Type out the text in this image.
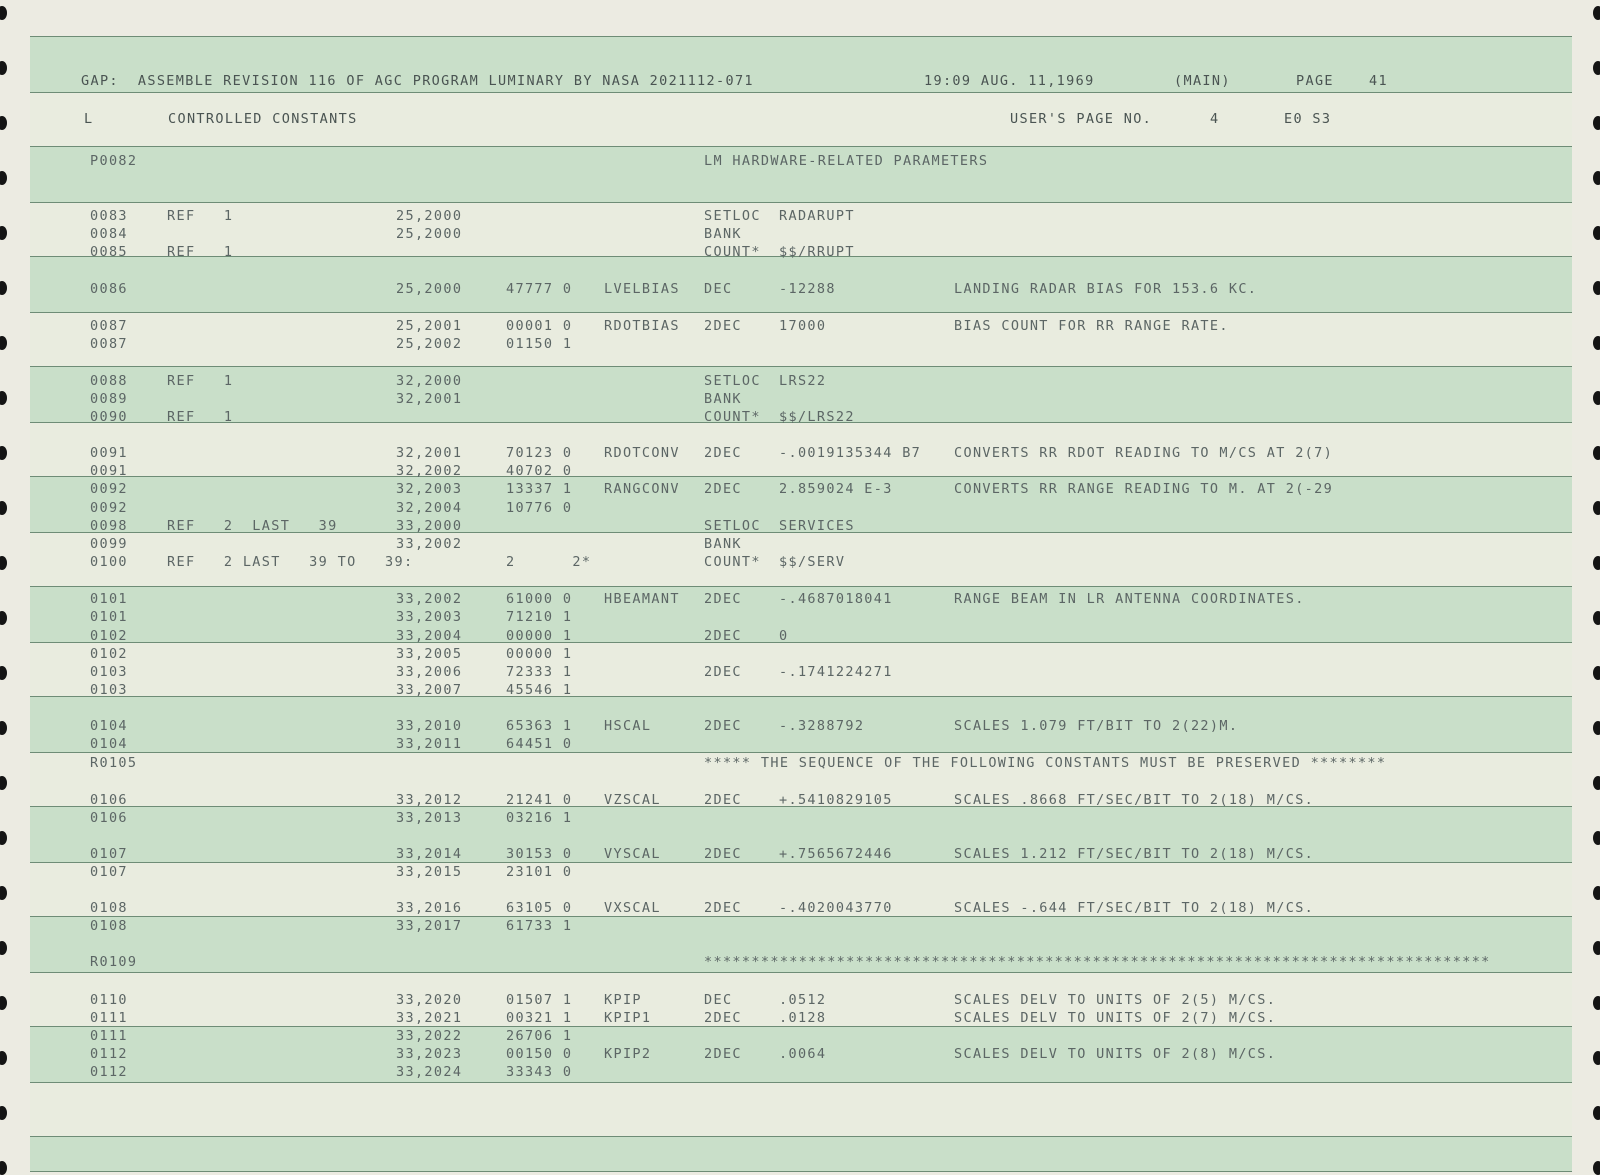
GAP:  ASSEMBLE REVISION 116 OF AGC PROGRAM LUMINARY BY NASA 2021112-071	19:09 AUG. 11,1969	(MAIN)	PAGE	41
L	CONTROLLED CONSTANTS	USER'S PAGE NO.	4	E0 S3
P0082	LM HARDWARE-RELATED PARAMETERS
0083	REF   1	25,2000	SETLOC RADARUPT
0084	25,2000	BANK
0085	REF   1	COUNT* $$/RRUPT
0086	25,2000	47777 0 LVELBIAS DEC	-12288	LANDING RADAR BIAS FOR 153.6 KC.
0087	25,2001	00001 0 RDOTBIAS 2DEC	17000	BIAS COUNT FOR RR RANGE RATE.
0087	25,2002	01150 1
0088	REF   1	32,2000	SETLOC LRS22
0089	32,2001	BANK
0090	REF   1	COUNT* $$/LRS22
0091	32,2001	70123 0 RDOTCONV 2DEC	-.0019135344 B7 CONVERTS RR RDOT READING TO M/CS AT 2(7)
0091	32,2002	40702 0
0092	32,2003	13337 1 RANGCONV 2DEC	2.859024 E-3	CONVERTS RR RANGE READING TO M. AT 2(-29
0092	32,2004	10776 0
0098	REF   2  LAST   39	33,2000	SETLOC SERVICES
0099	33,2002	BANK
0100	REF   2 LAST   39 TO   39:	2      2*	COUNT* $$/SERV
0101	33,2002	61000 0 HBEAMANT 2DEC	-.4687018041	RANGE BEAM IN LR ANTENNA COORDINATES.
0101	33,2003	71210 1
0102	33,2004	00000 1	2DEC	0
0102	33,2005	00000 1
0103	33,2006	72333 1	2DEC	-.1741224271
0103	33,2007	45546 1
0104	33,2010	65363 1 HSCAL	2DEC	-.3288792	SCALES 1.079 FT/BIT TO 2(22)M.
0104	33,2011	64451 0
R0105	***** THE SEQUENCE OF THE FOLLOWING CONSTANTS MUST BE PRESERVED ********
0106	33,2012	21241 0 VZSCAL	2DEC	+.5410829105	SCALES .8668 FT/SEC/BIT TO 2(18) M/CS.
0106	33,2013	03216 1
0107	33,2014	30153 0 VYSCAL	2DEC	+.7565672446	SCALES 1.212 FT/SEC/BIT TO 2(18) M/CS.
0107	33,2015	23101 0
0108	33,2016	63105 0 VXSCAL	2DEC	-.4020043770	SCALES -.644 FT/SEC/BIT TO 2(18) M/CS.
0108	33,2017	61733 1
R0109	***********************************************************************************
0110	33,2020	01507 1 KPIP	DEC	.0512	SCALES DELV TO UNITS OF 2(5) M/CS.
0111	33,2021	00321 1 KPIP1	2DEC	.0128	SCALES DELV TO UNITS OF 2(7) M/CS.
0111	33,2022	26706 1
0112	33,2023	00150 0 KPIP2	2DEC	.0064	SCALES DELV TO UNITS OF 2(8) M/CS.
0112	33,2024	33343 0
